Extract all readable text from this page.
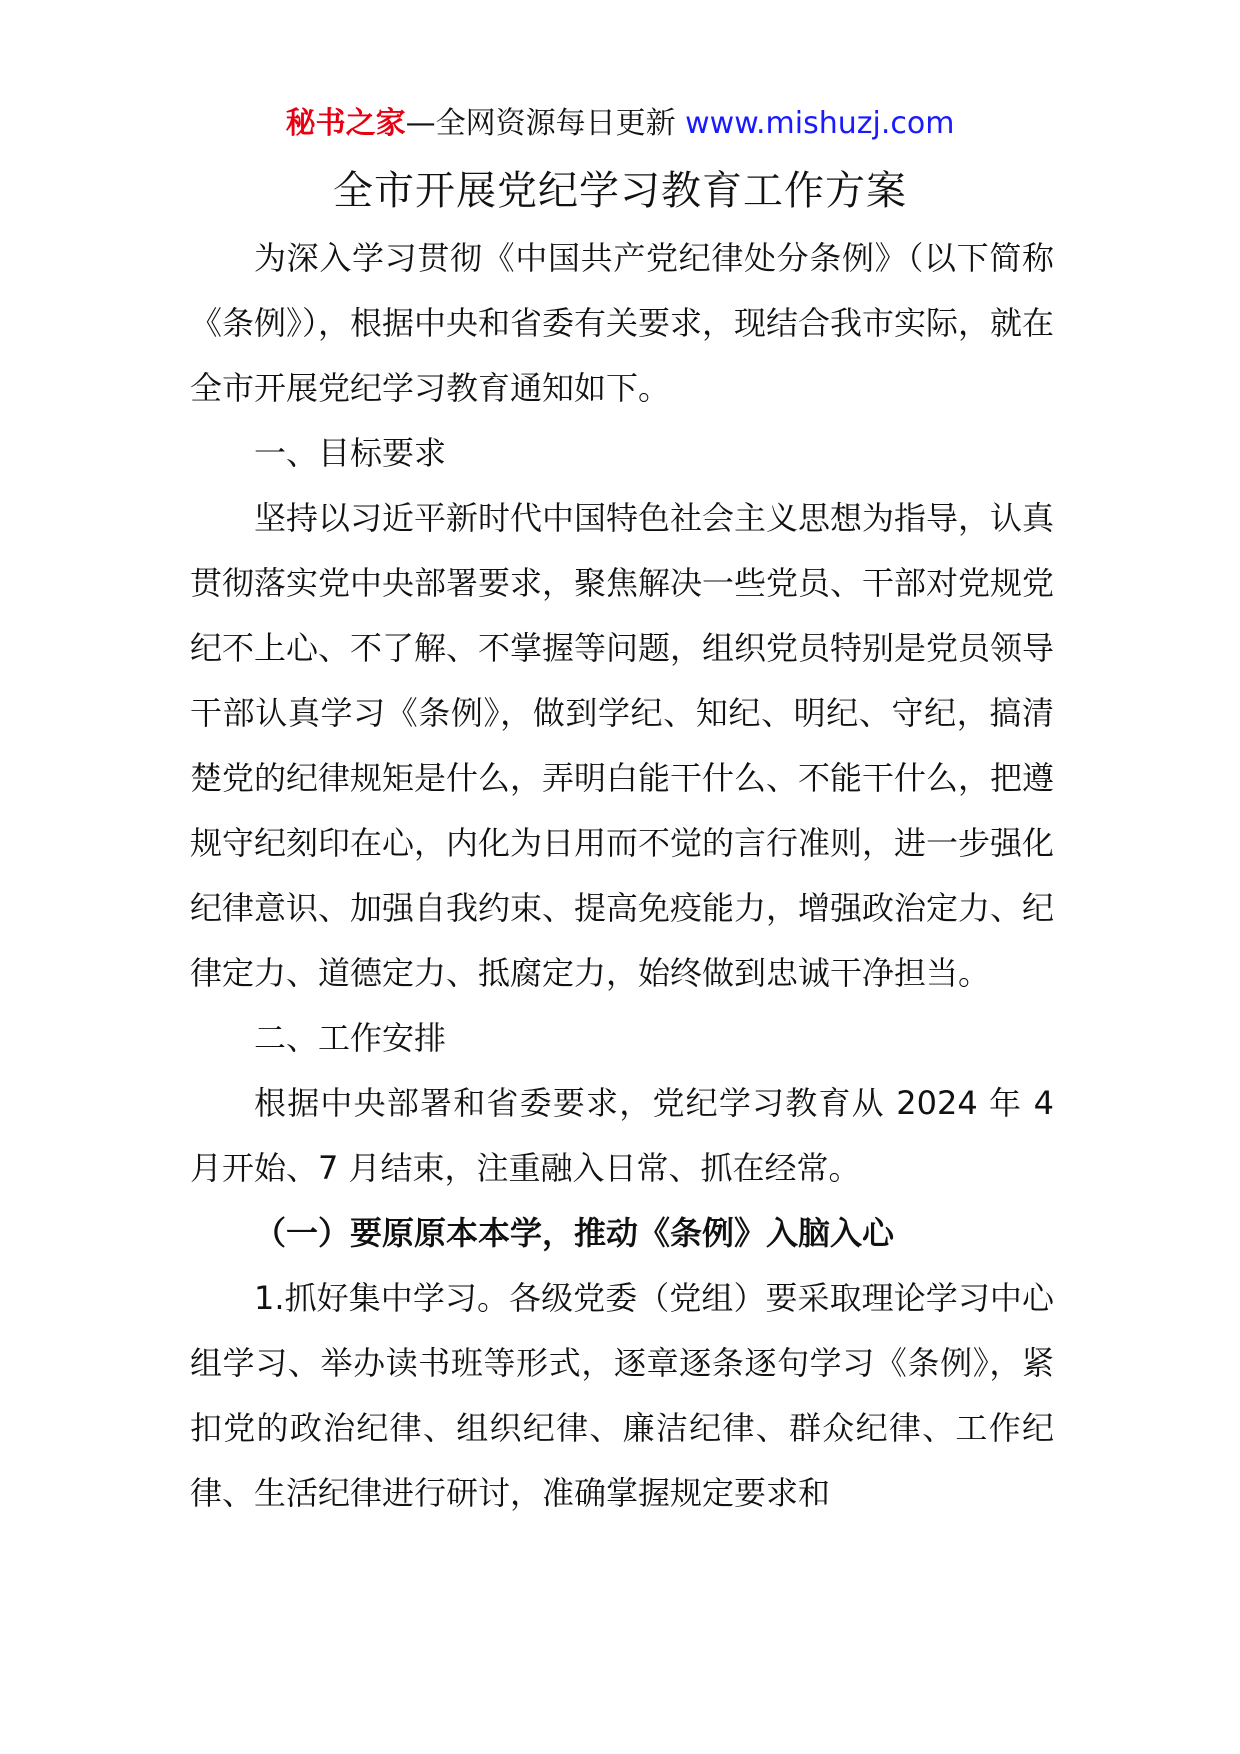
秘书之家—全网资源每日更新 www.mishuzj.com
全市开展党纪学习教育工作方案

为深入学习贯彻《中国共产党纪律处分条例》（以下简称《条例》），根据中央和省委有关要求，现结合我市实际，就在全市开展党纪学习教育通知如下。

一、目标要求

坚持以习近平新时代中国特色社会主义思想为指导，认真贯彻落实党中央部署要求，聚焦解决一些党员、干部对党规党纪不上心、不了解、不掌握等问题，组织党员特别是党员领导干部认真学习《条例》，做到学纪、知纪、明纪、守纪，搞清楚党的纪律规矩是什么，弄明白能干什么、不能干什么，把遵规守纪刻印在心，内化为日用而不觉的言行准则，进一步强化纪律意识、加强自我约束、提高免疫能力，增强政治定力、纪律定力、道德定力、抵腐定力，始终做到忠诚干净担当。

二、工作安排

根据中央部署和省委要求，党纪学习教育从 2024 年 4 月开始、7 月结束，注重融入日常、抓在经常。

（一）要原原本本学，推动《条例》入脑入心

1.抓好集中学习。各级党委（党组）要采取理论学习中心组学习、举办读书班等形式，逐章逐条逐句学习《条例》，紧扣党的政治纪律、组织纪律、廉洁纪律、群众纪律、工作纪律、生活纪律进行研讨，准确掌握规定要求和
